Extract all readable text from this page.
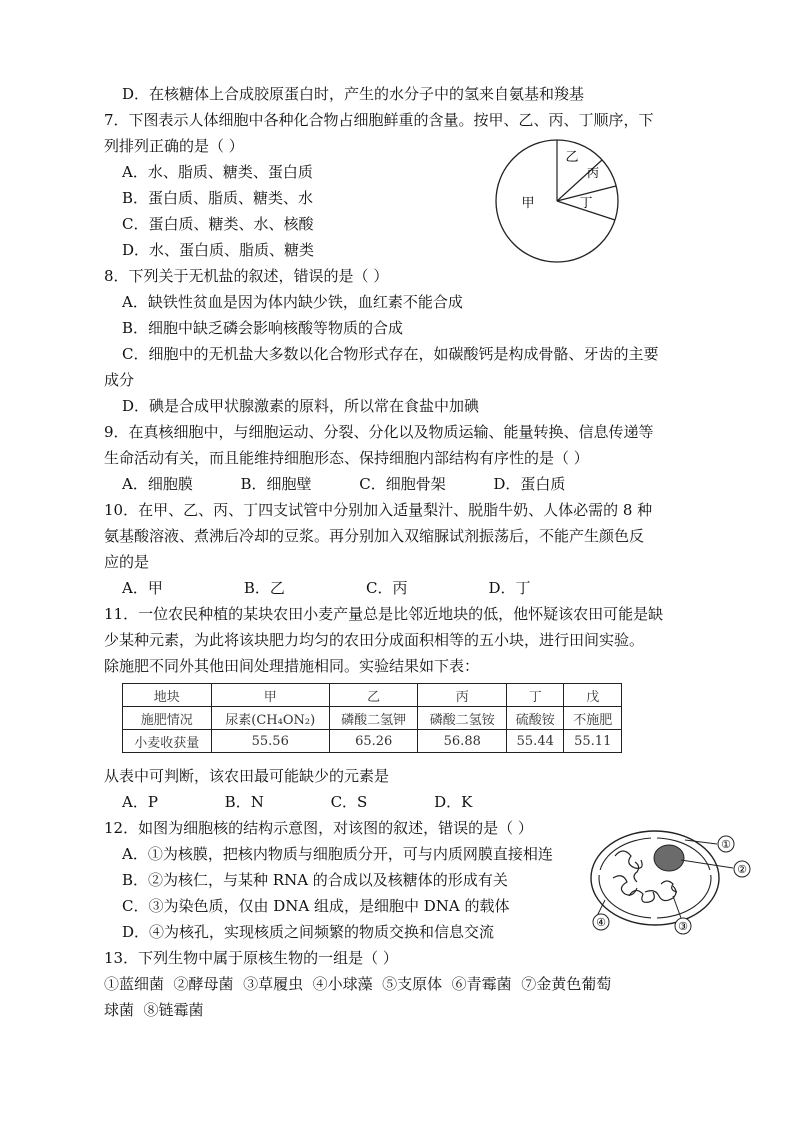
D．在核糖体上合成胶原蛋白时，产生的水分子中的氢来自氨基和羧基
7．下图表示人体细胞中各种化合物占细胞鲜重的含量。按甲、乙、丙、丁顺序，下
列排列正确的是（ ）
A．水、脂质、糖类、蛋白质
B．蛋白质、脂质、糖类、水
C．蛋白质、糖类、水、核酸
D．水、蛋白质、脂质、糖类
8．下列关于无机盐的叙述，错误的是（ ）
A．缺铁性贫血是因为体内缺少铁，血红素不能合成
B．细胞中缺乏磷会影响核酸等物质的合成
C．细胞中的无机盐大多数以化合物形式存在，如碳酸钙是构成骨骼、牙齿的主要
成分
D．碘是合成甲状腺激素的原料，所以常在食盐中加碘
9．在真核细胞中，与细胞运动、分裂、分化以及物质运输、能量转换、信息传递等
生命活动有关，而且能维持细胞形态、保持细胞内部结构有序性的是（ ）
A．细胞膜          B．细胞壁          C．细胞骨架          D．蛋白质
10．在甲、乙、丙、丁四支试管中分别加入适量梨汁、脱脂牛奶、人体必需的 8 种
氨基酸溶液、煮沸后冷却的豆浆。再分别加入双缩脲试剂振荡后，不能产生颜色反
应的是
A．甲                 B．乙                 C．丙                 D．丁
11．一位农民种植的某块农田小麦产量总是比邻近地块的低，他怀疑该农田可能是缺
少某种元素，为此将该块肥力均匀的农田分成面积相等的五小块，进行田间实验。
除施肥不同外其他田间处理措施相同。实验结果如下表：
地块	甲	乙	丙	丁	戊
施肥情况	尿素(CH₄ON₂)	磷酸二氢钾	磷酸二氢铵	硫酸铵	不施肥
小麦收获量	55.56	65.26	56.88	55.44	55.11
从表中可判断，该农田最可能缺少的元素是
A．P              B．N              C．S              D．K
12．如图为细胞核的结构示意图，对该图的叙述，错误的是（ ）
A．①为核膜，把核内物质与细胞质分开，可与内质网膜直接相连
B．②为核仁，与某种 RNA 的合成以及核糖体的形成有关
C．③为染色质，仅由 DNA 组成，是细胞中 DNA 的载体
D．④为核孔，实现核质之间频繁的物质交换和信息交流
13．下列生物中属于原核生物的一组是（ ）
①蓝细菌  ②酵母菌  ③草履虫  ④小球藻  ⑤支原体  ⑥青霉菌  ⑦金黄色葡萄
球菌  ⑧链霉菌
甲
乙
丙
丁
①
②
③
④
